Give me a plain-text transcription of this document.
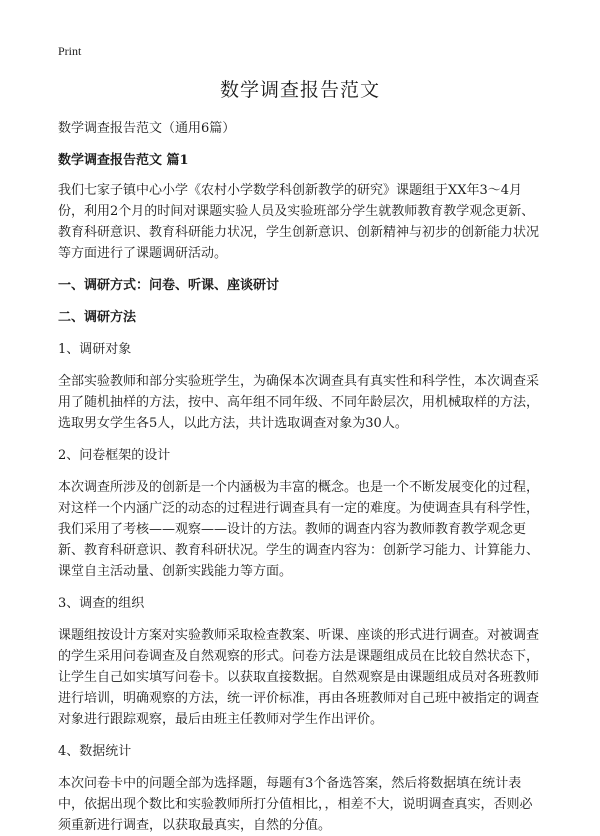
Print
数学调查报告范文
数学调查报告范文（通用6篇）
数学调查报告范文 篇1
我们七家子镇中心小学《农村小学数学科创新教学的研究》课题组于XX年3～4月份，利用2个月的时间对课题实验人员及实验班部分学生就教师教育教学观念更新、教育科研意识、教育科研能力状况，学生创新意识、创新精神与初步的创新能力状况等方面进行了课题调研活动。
一、调研方式：问卷、听课、座谈研讨
二、调研方法
1、调研对象
全部实验教师和部分实验班学生，为确保本次调查具有真实性和科学性，本次调查采用了随机抽样的方法，按中、高年组不同年级、不同年龄层次，用机械取样的方法，选取男女学生各5人，以此方法，共计选取调查对象为30人。
2、问卷框架的设计
本次调查所涉及的创新是一个内涵极为丰富的概念。也是一个不断发展变化的过程，对这样一个内涵广泛的动态的过程进行调查具有一定的难度。为使调查具有科学性，我们采用了考核——观察——设计的方法。教师的调查内容为教师教育教学观念更新、教育科研意识、教育科研状况。学生的调查内容为：创新学习能力、计算能力、课堂自主活动量、创新实践能力等方面。
3、调查的组织
课题组按设计方案对实验教师采取检查教案、听课、座谈的形式进行调查。对被调查的学生采用问卷调查及自然观察的形式。问卷方法是课题组成员在比较自然状态下，让学生自己如实填写问卷卡。以获取直接数据。自然观察是由课题组成员对各班教师进行培训，明确观察的方法，统一评价标准，再由各班教师对自己班中被指定的调查对象进行跟踪观察，最后由班主任教师对学生作出评价。
4、数据统计
本次问卷卡中的问题全部为选择题，每题有3个备选答案，然后将数据填在统计表中，依据出现个数比和实验教师所打分值相比，，相差不大，说明调查真实，否则必须重新进行调查，以获取最真实，自然的分值。
